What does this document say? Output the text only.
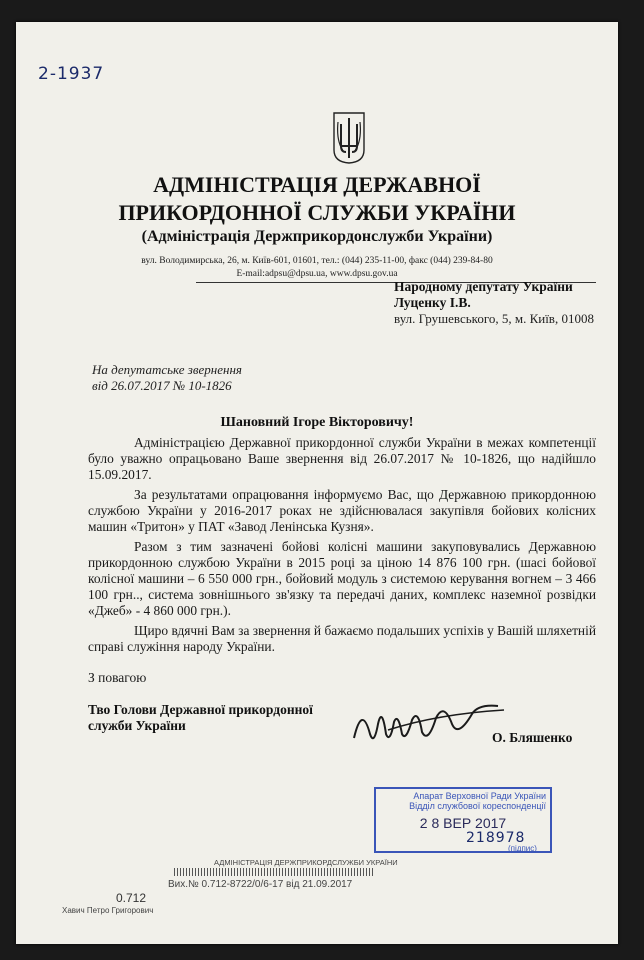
2-1937
АДМІНІСТРАЦІЯ ДЕРЖАВНОЇ
ПРИКОРДОННОЇ СЛУЖБИ УКРАЇНИ
(Адміністрація Держприкордонслужби України)
вул. Володимирська, 26, м. Київ-601, 01601, тел.: (044) 235-11-00, факс (044) 239-84-80
E-mail:adpsu@dpsu.ua, www.dpsu.gov.ua
Народному депутату України
Луценку І.В.
вул. Грушевського, 5, м. Київ, 01008
На депутатське звернення
від 26.07.2017 № 10-1826
Шановний Ігоре Вікторовичу!
Адміністрацією Державної прикордонної служби України в межах компетенції було уважно опрацьовано Ваше звернення від 26.07.2017 № 10-1826, що надійшло 15.09.2017.
За результатами опрацювання інформуємо Вас, що Державною прикордонною службою України у 2016-2017 роках не здійснювалася закупівля бойових колісних машин «Тритон» у ПАТ «Завод Ленінська Кузня».
Разом з тим зазначені бойові колісні машини закуповувались Державною прикордонною службою України в 2015 році за ціною 14 876 100 грн. (шасі бойової колісної машини – 6 550 000 грн., бойовий модуль з системою керування вогнем – 3 466 100 грн.., система зовнішнього зв'язку та передачі даних, комплекс наземної розвідки «Джеб» - 4 860 000 грн.).
Щиро вдячні Вам за звернення й бажаємо подальших успіхів у Вашій шляхетній справі служіння народу України.
З повагою
Тво Голови Державної прикордонної
служби України
О. Бляшенко
Апарат Верховної Ради України
Відділ службової кореспонденції
2 8 ВЕР 2017
218978
(підпис)
АДМІНІСТРАЦІЯ ДЕРЖПРИКОРДСЛУЖБИ УКРАЇНИ
Вих.№ 0.712-8722/0/6-17 від 21.09.2017
0.712
Хавич Петро Григорович
